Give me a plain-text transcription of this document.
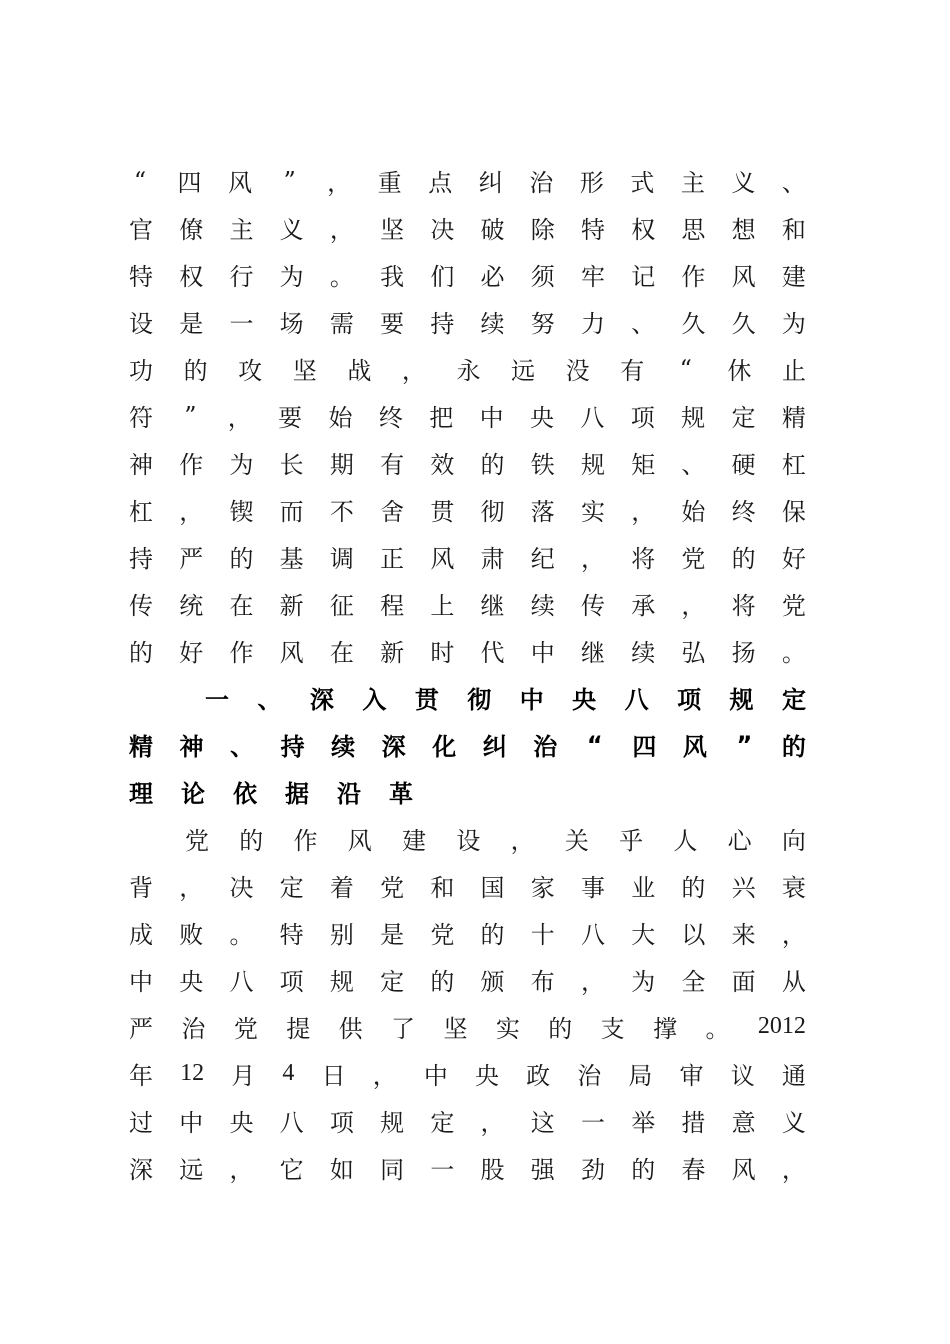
“ 四 风 ” ， 重 点 纠 治 形 式 主 义 、
官 僚 主 义 ， 坚 决 破 除 特 权 思 想 和
特 权 行 为 。 我 们 必 须 牢 记 作 风 建
设 是 一 场 需 要 持 续 努 力 、 久 久 为
功 的 攻 坚 战 ， 永 远 没 有 “ 休 止
符 ” ， 要 始 终 把 中 央 八 项 规 定 精
神 作 为 长 期 有 效 的 铁 规 矩 、 硬 杠
杠 ， 锲 而 不 舍 贯 彻 落 实 ， 始 终 保
持 严 的 基 调 正 风 肃 纪 ， 将 党 的 好
传 统 在 新 征 程 上 继 续 传 承 ， 将 党
的 好 作 风 在 新 时 代 中 继 续 弘 扬 。
一 、 深 入 贯 彻 中 央 八 项 规 定
精 神 、 持 续 深 化 纠 治 “ 四 风 ” 的
理 论 依 据 沿 革
党 的 作 风 建 设 ， 关 乎 人 心 向
背 ， 决 定 着 党 和 国 家 事 业 的 兴 衰
成 败 。 特 别 是 党 的 十 八 大 以 来 ，
中 央 八 项 规 定 的 颁 布 ， 为 全 面 从
严 治 党 提 供 了 坚 实 的 支 撑 。 2012
年 12 月 4 日 ， 中 央 政 治 局 审 议 通
过 中 央 八 项 规 定 ， 这 一 举 措 意 义
深 远 ， 它 如 同 一 股 强 劲 的 春 风 ，
